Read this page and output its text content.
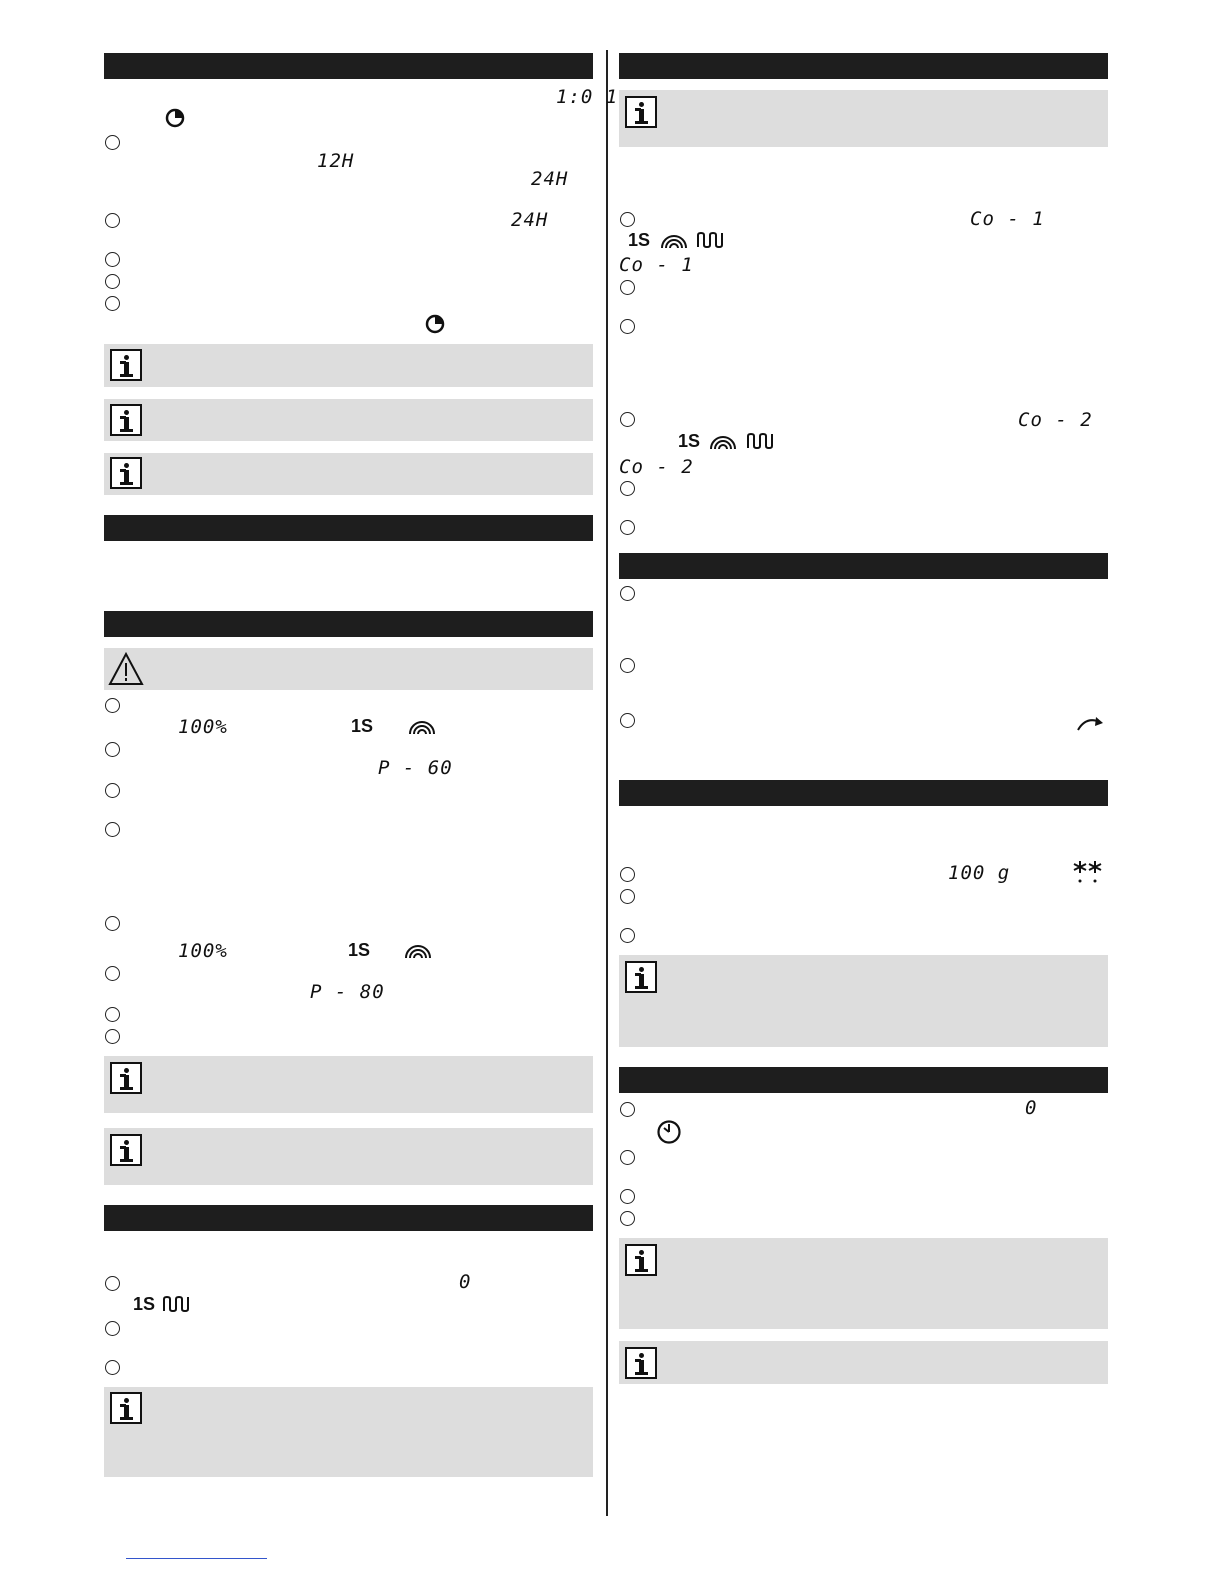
1:0 1
12H
24H
24H
100%	1S
P - 60
100%	1S
P - 80
0
1S
Co - 1
1S
Co - 1
Co - 2
1S
Co - 2
100 g
0
